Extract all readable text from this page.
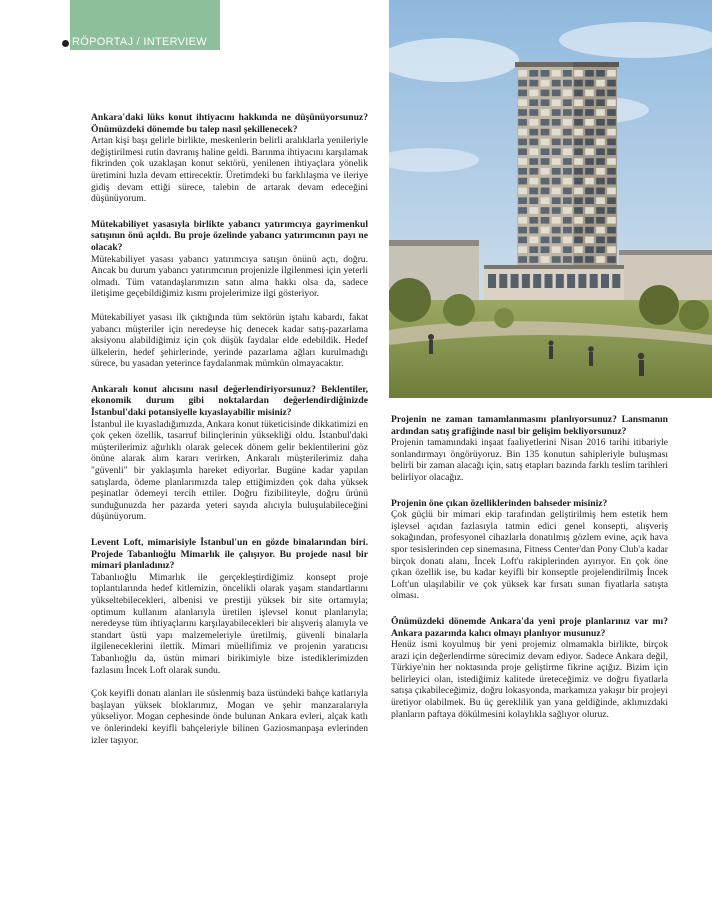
RÖPORTAJ / INTERVIEW

Ankara'daki lüks konut ihtiyacını hakkında ne düşünüyorsunuz? Önümüzdeki dönemde bu talep nasıl şekillenecek?

Artan kişi başı gelirle birlikte, meskenlerin belirli aralıklarla yenileriyle değiştirilmesi rutin davranış haline geldi. Barınma ihtiyacını karşılamak fikrinden çok uzaklaşan konut sektörü, yenilenen ihtiyaçlara yönelik üretimini hızla devam ettirecektir. Üretimdeki bu farklılaşma ve ileriye gidiş devam ettiği sürece, talebin de artarak devam edeceğini düşünüyorum.

Mütekabiliyet yasasıyla birlikte yabancı yatırımcıya gayrimenkul satışının önü açıldı. Bu proje özelinde yabancı yatırımcının payı ne olacak?

Mütekabiliyet yasası yabancı yatırımcıya satışın önünü açtı, doğru. Ancak bu durum yabancı yatırımcının projenizle ilgilenmesi için yeterli olmadı. Tüm vatandaşlarımızın satın alma hakkı olsa da, sadece iletişime geçebildiğimiz kısmı projelerimize ilgi gösteriyor.

Mütekabiliyet yasası ilk çıktığında tüm sektörün iştahı kabardı, fakat yabancı müşteriler için neredeyse hiç denecek kadar satış-pazarlama aksiyonu alabildiğimiz için çok düşük faydalar elde edebildik. Hedef ülkelerin, hedef şehirlerinde, yerinde pazarlama ağları kurulmadığı sürece, bu yasadan yeterince faydalanmak mümkün olmayacaktır.

Ankaralı konut alıcısını nasıl değerlendiriyorsunuz? Beklentiler, ekonomik durum gibi noktalardan değerlendirdiğinizde İstanbul'daki potansiyelle kıyaslayabilir misiniz?

İstanbul ile kıyasladığımızda, Ankara konut tüketicisinde dikkatimizi en çok çeken özellik, tasarruf bilinçlerinin yüksekliği oldu. İstanbul'daki müşterilerimiz ağırlıklı olarak gelecek dönem gelir beklentilerini göz önüne alarak alım kararı verirken, Ankaralı müşterilerimiz daha "güvenli" bir yaklaşımla hareket ediyorlar. Bugüne kadar yapılan satışlarda, ödeme planlarımızda talep ettiğimizden çok daha yüksek peşinatlar ödemeyi tercih ettiler. Doğru fizibiliteyle, doğru ürünü sunduğunuzda her pazarda yeteri sayıda alıcıyla buluşulabileceğini düşünüyorum.

Levent Loft, mimarisiyle İstanbul'un en gözde binalarından biri. Projede Tabanlıoğlu Mimarlık ile çalışıyor. Bu projede nasıl bir mimari planladınız?

Tabanlıoğlu Mimarlık ile gerçekleştirdiğimiz konsept proje toplantılarında hedef kitlemizin, öncelikli olarak yaşam standartlarını yükseltebilecekleri, albenisi ve prestiji yüksek bir site ortamıyla; optimum kullanım alanlarıyla üretilen işlevsel konut planlarıyla; neredeyse tüm ihtiyaçlarını karşılayabilecekleri bir alışveriş alanıyla ve standart üstü yapı malzemeleriyle üretilmiş, güvenli binalarla ilgileneceklerini ilettik. Mimari müellifimiz ve projenin yaratıcısı Tabanlıoğlu da, üstün mimari birikimiyle bize istediklerimizden fazlasını İncek Loft olarak sundu.

Çok keyifli donatı alanları ile süslenmiş baza üstündeki bahçe katlarıyla başlayan yüksek bloklarımız, Mogan ve şehir manzaralarıyla yükseliyor. Mogan cephesinde önde bulunan Ankara evleri, alçak katlı ve önlerindeki keyifli bahçeleriyle bilinen Gaziosmanpaşa evlerinden izler taşıyor.

Projenin ne zaman tamamlanmasını planlıyorsunuz? Lansmanın ardından satış grafiğinde nasıl bir gelişim bekliyorsunuz?

Projenin tamamındaki inşaat faaliyetlerini Nisan 2016 tarihi itibariyle sonlandırmayı öngörüyoruz. Bin 135 konutun sahipleriyle buluşması belirli bir zaman alacağı için, satış etapları bazında farklı teslim tarihleri belirliyor olacağız.

Projenin öne çıkan özelliklerinden bahseder misiniz?

Çok güçlü bir mimari ekip tarafından geliştirilmiş hem estetik hem işlevsel açıdan fazlasıyla tatmin edici genel konsepti, alışveriş sokağından, profesyonel cihazlarla donatılmış gözlem evine, açık hava spor tesislerinden cep sinemasına, Fitness Center'dan Pony Club'a kadar birçok donatı alanı, İncek Loft'u rakiplerinden ayırıyor. En çok öne çıkan özellik ise, bu kadar keyifli bir konseptle projelendirilmiş İncek Loft'un ulaşılabilir ve çok yüksek kar fırsatı sunan fiyatlarla satışta olması.

Önümüzdeki dönemde Ankara'da yeni proje planlarınız var mı? Ankara pazarında kalıcı olmayı planlıyor musunuz?

Henüz ismi koyulmuş bir yeni projemiz olmamakla birlikte, birçok arazi için değerlendirme sürecimiz devam ediyor. Sadece Ankara değil, Türkiye'nin her noktasında proje geliştirme fikrine açığız. Bizim için belirleyici olan, istediğimiz kalitede üreteceğimiz ve doğru fiyatlarla satışa çıkabileceğimiz, doğru lokasyonda, markamıza yakışır bir projeyi üretiyor olabilmek. Bu üç gereklilik yan yana geldiğinde, aklımızdaki planların paftaya dökülmesini kolaylıkla sağlıyor oluruz.
